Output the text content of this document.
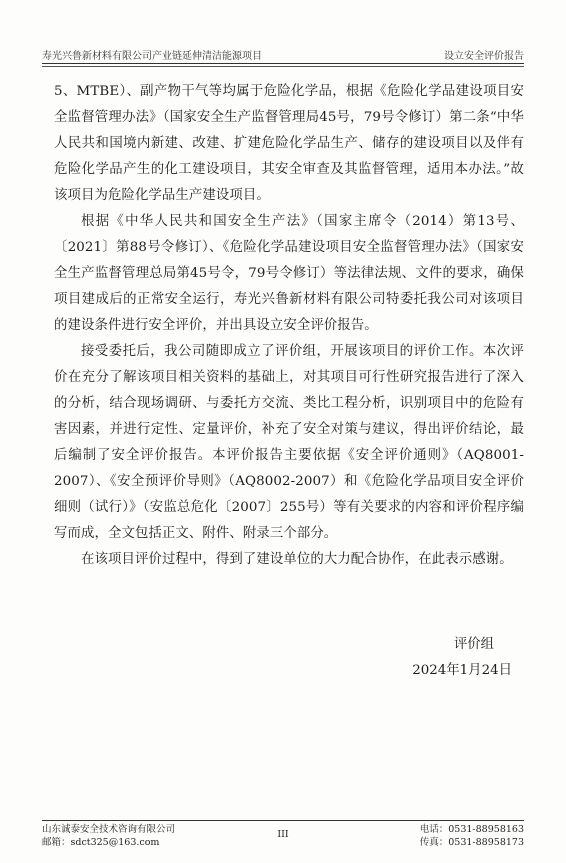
寿光兴鲁新材料有限公司产业链延伸清洁能源项目	设立安全评价报告

5、MTBE）、副产物干气等均属于危险化学品，根据《危险化学品建设项目安全监督管理办法》（国家安全生产监督管理局45号，79号令修订）第二条“中华人民共和国境内新建、改建、扩建危险化学品生产、储存的建设项目以及伴有危险化学品产生的化工建设项目，其安全审查及其监督管理，适用本办法。”故该项目为危险化学品生产建设项目。

根据《中华人民共和国安全生产法》（国家主席令（2014）第13号、〔2021〕第88号令修订）、《危险化学品建设项目安全监督管理办法》（国家安全生产监督管理总局第45号令，79号令修订）等法律法规、文件的要求，确保项目建成后的正常安全运行，寿光兴鲁新材料有限公司特委托我公司对该项目的建设条件进行安全评价，并出具设立安全评价报告。

接受委托后，我公司随即成立了评价组，开展该项目的评价工作。本次评价在充分了解该项目相关资料的基础上，对其项目可行性研究报告进行了深入的分析，结合现场调研、与委托方交流、类比工程分析，识别项目中的危险有害因素，并进行定性、定量评价，补充了安全对策与建议，得出评价结论，最后编制了安全评价报告。本评价报告主要依据《安全评价通则》（AQ8001-2007）、《安全预评价导则》（AQ8002-2007）和《危险化学品项目安全评价细则（试行）》（安监总危化〔2007〕255号）等有关要求的内容和评价程序编写而成，全文包括正文、附件、附录三个部分。

在该项目评价过程中，得到了建设单位的大力配合协作，在此表示感谢。

评价组
2024年1月24日
山东诚泰安全技术咨询有限公司
邮箱：sdct325@163.com
III	电话：0531-88958163
传真：0531-88958173
